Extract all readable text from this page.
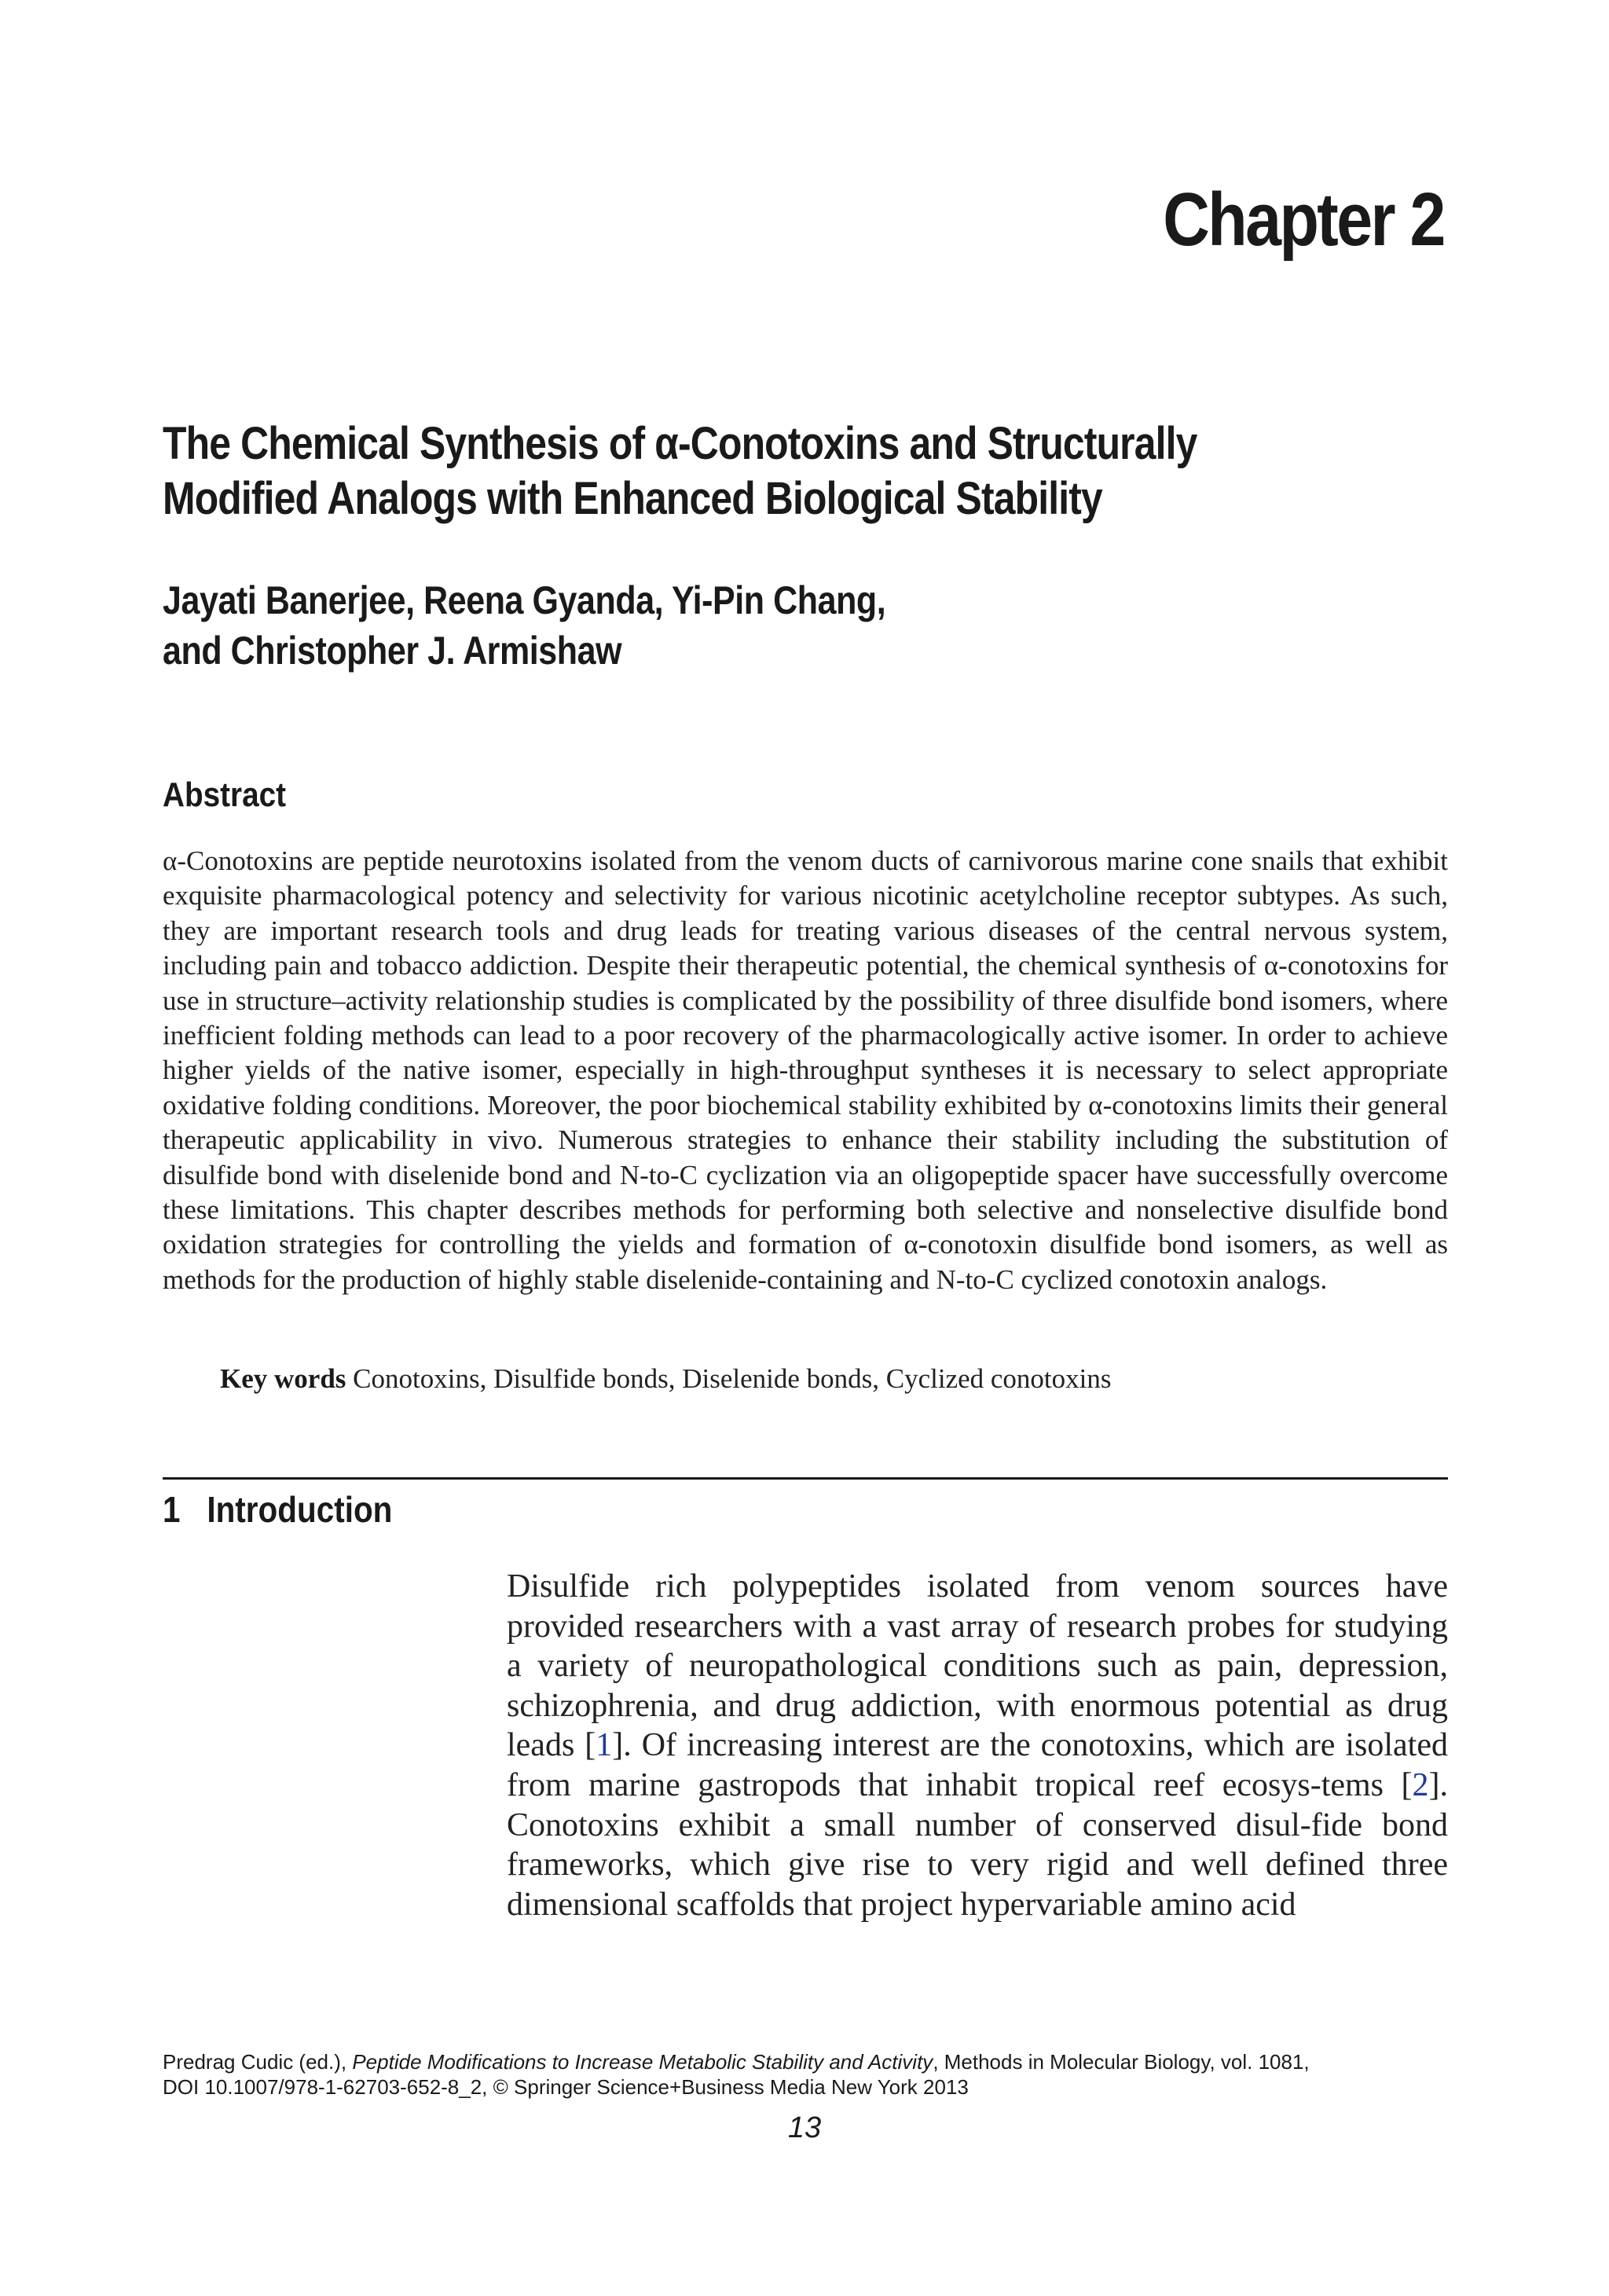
Chapter 2
The Chemical Synthesis of α-Conotoxins and Structurally
Modified Analogs with Enhanced Biological Stability
Jayati Banerjee, Reena Gyanda, Yi-Pin Chang,
and Christopher J. Armishaw
Abstract

α-Conotoxins are peptide neurotoxins isolated from the venom ducts of carnivorous marine cone snails that exhibit exquisite pharmacological potency and selectivity for various nicotinic acetylcholine receptor subtypes. As such, they are important research tools and drug leads for treating various diseases of the central nervous system, including pain and tobacco addiction. Despite their therapeutic potential, the chemical synthesis of α-conotoxins for use in structure–activity relationship studies is complicated by the possibility of three disulfide bond isomers, where inefficient folding methods can lead to a poor recovery of the pharmacologically active isomer. In order to achieve higher yields of the native isomer, especially in high-throughput syntheses it is necessary to select appropriate oxidative folding conditions. Moreover, the poor biochemical stability exhibited by α-conotoxins limits their general therapeutic applicability in vivo. Numerous strategies to enhance their stability including the substitution of disulfide bond with diselenide bond and N-to-C cyclization via an oligopeptide spacer have successfully overcome these limitations. This chapter describes methods for performing both selective and nonselective disulfide bond oxidation strategies for controlling the yields and formation of α-conotoxin disulfide bond isomers, as well as methods for the production of highly stable diselenide-containing and N-to-C cyclized conotoxin analogs.

Key words Conotoxins, Disulfide bonds, Diselenide bonds, Cyclized conotoxins

1 Introduction

Disulfide rich polypeptides isolated from venom sources have provided researchers with a vast array of research probes for studying a variety of neuropathological conditions such as pain, depression, schizophrenia, and drug addiction, with enormous potential as drug leads [1]. Of increasing interest are the conotoxins, which are isolated from marine gastropods that inhabit tropical reef ecosys-tems [2]. Conotoxins exhibit a small number of conserved disul-fide bond frameworks, which give rise to very rigid and well defined three dimensional scaffolds that project hypervariable amino acid

Predrag Cudic (ed.), Peptide Modifications to Increase Metabolic Stability and Activity, Methods in Molecular Biology, vol. 1081,
DOI 10.1007/978-1-62703-652-8_2, © Springer Science+Business Media New York 2013
13
